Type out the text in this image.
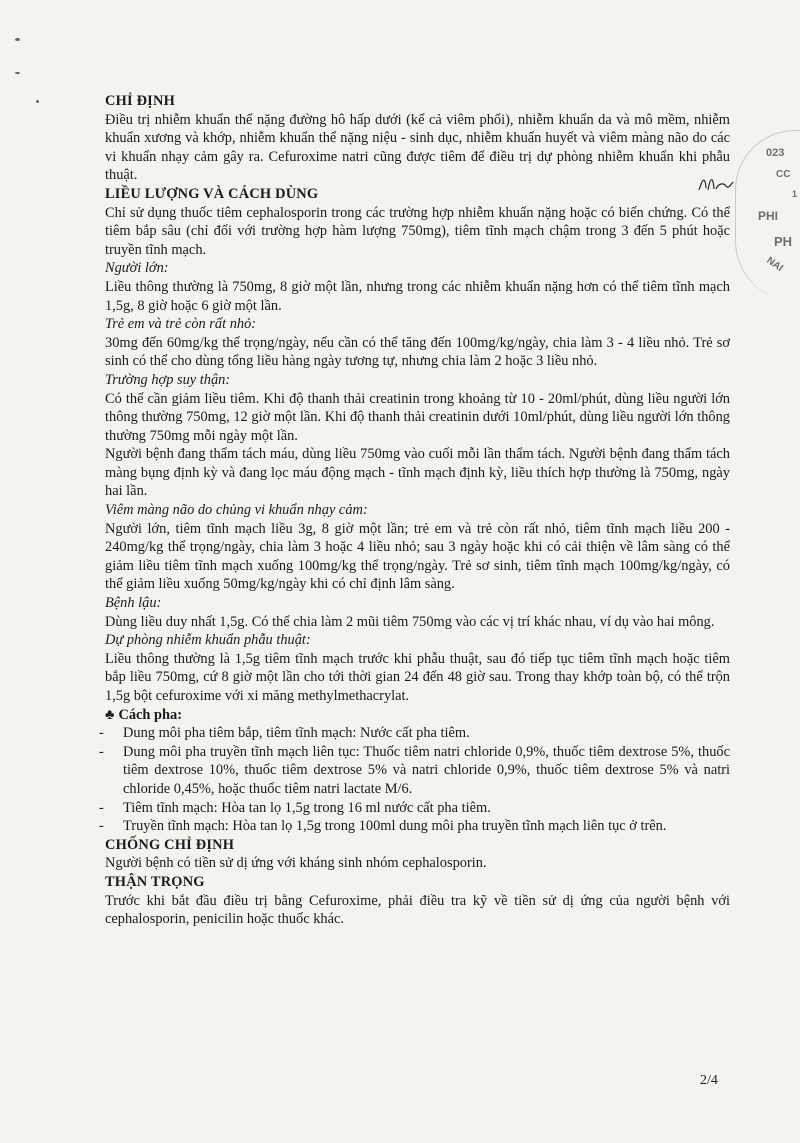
CHỈ ĐỊNH

Điều trị nhiễm khuẩn thể nặng đường hô hấp dưới (kể cả viêm phổi), nhiễm khuẩn da và mô mềm, nhiễm khuẩn xương và khớp, nhiễm khuẩn thể nặng niệu - sinh dục, nhiễm khuẩn huyết và viêm màng não do các vi khuẩn nhạy cảm gây ra. Cefuroxime natri cũng được tiêm để điều trị dự phòng nhiễm khuẩn khi phẫu thuật.

LIỀU LƯỢNG VÀ CÁCH DÙNG

Chỉ sử dụng thuốc tiêm cephalosporin trong các trường hợp nhiễm khuẩn nặng hoặc có biến chứng. Có thể tiêm bắp sâu (chỉ đối với trường hợp hàm lượng 750mg), tiêm tĩnh mạch chậm trong 3 đến 5 phút hoặc truyền tĩnh mạch.

Người lớn:

Liều thông thường là 750mg, 8 giờ một lần, nhưng trong các nhiễm khuẩn nặng hơn có thể tiêm tĩnh mạch 1,5g, 8 giờ hoặc 6 giờ một lần.

Trẻ em và trẻ còn rất nhỏ:

30mg đến 60mg/kg thể trọng/ngày, nếu cần có thể tăng đến 100mg/kg/ngày, chia làm 3 - 4 liều nhỏ. Trẻ sơ sinh có thể cho dùng tổng liều hàng ngày tương tự, nhưng chia làm 2 hoặc 3 liều nhỏ.

Trường hợp suy thận:

Có thể cần giảm liều tiêm. Khi độ thanh thải creatinin trong khoảng từ 10 - 20ml/phút, dùng liều người lớn thông thường 750mg, 12 giờ một lần. Khi độ thanh thải creatinin dưới 10ml/phút, dùng liều người lớn thông thường 750mg mỗi ngày một lần.

Người bệnh đang thẩm tách máu, dùng liều 750mg vào cuối mỗi lần thẩm tách. Người bệnh đang thẩm tách màng bụng định kỳ và đang lọc máu động mạch - tĩnh mạch định kỳ, liều thích hợp thường là 750mg, ngày hai lần.

Viêm màng não do chủng vi khuẩn nhạy cảm:

Người lớn, tiêm tĩnh mạch liều 3g, 8 giờ một lần; trẻ em và trẻ còn rất nhỏ, tiêm tĩnh mạch liều 200 - 240mg/kg thể trọng/ngày, chia làm 3 hoặc 4 liều nhỏ; sau 3 ngày hoặc khi có cải thiện về lâm sàng có thể giảm liều tiêm tĩnh mạch xuống 100mg/kg thể trọng/ngày. Trẻ sơ sinh, tiêm tĩnh mạch 100mg/kg/ngày, có thể giảm liều xuống 50mg/kg/ngày khi có chỉ định lâm sàng.

Bệnh lậu:

Dùng liều duy nhất 1,5g. Có thể chia làm 2 mũi tiêm 750mg vào các vị trí khác nhau, ví dụ vào hai mông.

Dự phòng nhiễm khuẩn phẫu thuật:

Liều thông thường là 1,5g tiêm tĩnh mạch trước khi phẫu thuật, sau đó tiếp tục tiêm tĩnh mạch hoặc tiêm bắp liều 750mg, cứ 8 giờ một lần cho tới thời gian 24 đến 48 giờ sau. Trong thay khớp toàn bộ, có thể trộn 1,5g bột cefuroxime với xi măng methylmethacrylat.

♣ Cách pha:

- Dung môi pha tiêm bắp, tiêm tĩnh mạch: Nước cất pha tiêm.
- Dung môi pha truyền tĩnh mạch liên tục: Thuốc tiêm natri chloride 0,9%, thuốc tiêm dextrose 5%, thuốc tiêm dextrose 10%, thuốc tiêm dextrose 5% và natri chloride 0,9%, thuốc tiêm dextrose 5% và natri chloride 0,45%, hoặc thuốc tiêm natri lactate M/6.
- Tiêm tĩnh mạch: Hòa tan lọ 1,5g trong 16 ml nước cất pha tiêm.
- Truyền tĩnh mạch: Hòa tan lọ 1,5g trong 100ml dung môi pha truyền tĩnh mạch liên tục ở trên.

CHỐNG CHỈ ĐỊNH

Người bệnh có tiền sử dị ứng với kháng sinh nhóm cephalosporin.

THẬN TRỌNG

Trước khi bắt đầu điều trị bằng Cefuroxime, phải điều tra kỹ về tiền sử dị ứng của người bệnh với cephalosporin, penicilin hoặc thuốc khác.

023
CC
1
PHI
PH
NAI
2/4
